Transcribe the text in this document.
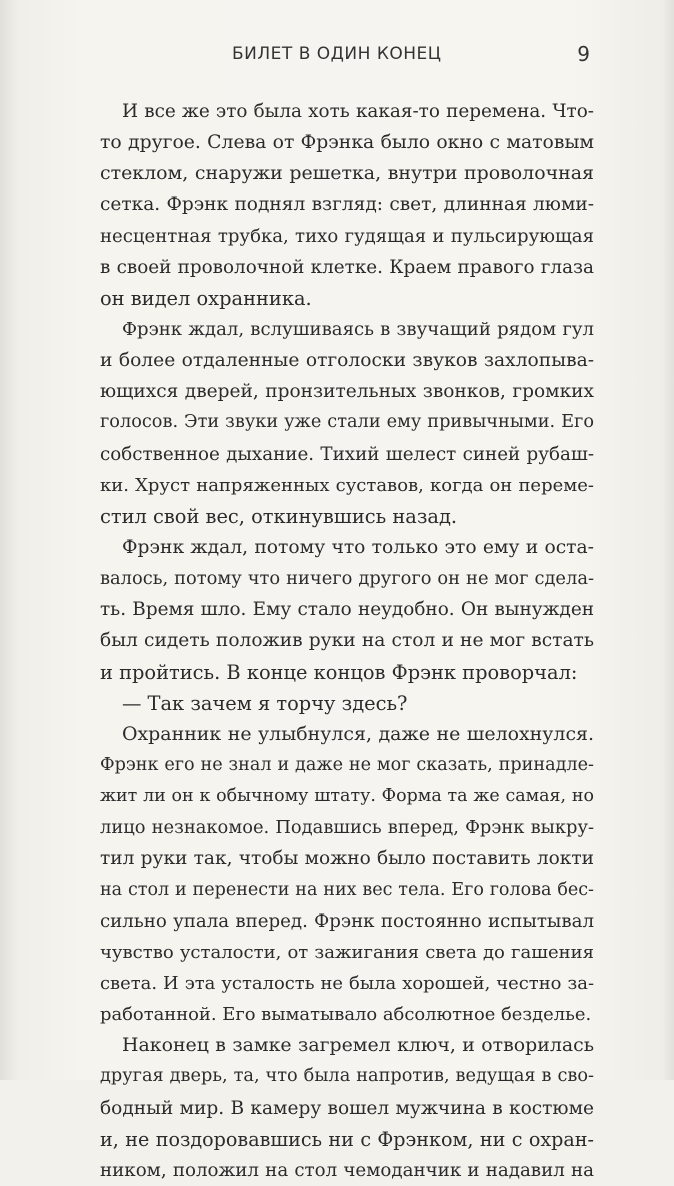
БИЛЕТ В ОДИН КОНЕЦ	9
И все же это была хоть какая-то перемена. Что-
то другое. Слева от Фрэнка было окно с матовым
стеклом, снаружи решетка, внутри проволочная
сетка. Фрэнк поднял взгляд: свет, длинная люми-
несцентная трубка, тихо гудящая и пульсирующая
в своей проволочной клетке. Краем правого глаза
он видел охранника.
Фрэнк ждал, вслушиваясь в звучащий рядом гул
и более отдаленные отголоски звуков захлопыва-
ющихся дверей, пронзительных звонков, громких
голосов. Эти звуки уже стали ему привычными. Его
собственное дыхание. Тихий шелест синей рубаш-
ки. Хруст напряженных суставов, когда он переме-
стил свой вес, откинувшись назад.
Фрэнк ждал, потому что только это ему и оста-
валось, потому что ничего другого он не мог сдела-
ть. Время шло. Ему стало неудобно. Он вынужден
был сидеть положив руки на стол и не мог встать
и пройтись. В конце концов Фрэнк проворчал:
— Так зачем я торчу здесь?
Охранник не улыбнулся, даже не шелохнулся.
Фрэнк его не знал и даже не мог сказать, принадле-
жит ли он к обычному штату. Форма та же самая, но
лицо незнакомое. Подавшись вперед, Фрэнк выкру-
тил руки так, чтобы можно было поставить локти
на стол и перенести на них вес тела. Его голова бес-
сильно упала вперед. Фрэнк постоянно испытывал
чувство усталости, от зажигания света до гашения
света. И эта усталость не была хорошей, честно за-
работанной. Его выматывало абсолютное безделье.
Наконец в замке загремел ключ, и отворилась
другая дверь, та, что была напротив, ведущая в сво-
бодный мир. В камеру вошел мужчина в костюме
и, не поздоровавшись ни с Фрэнком, ни с охран-
ником, положил на стол чемоданчик и надавил на
